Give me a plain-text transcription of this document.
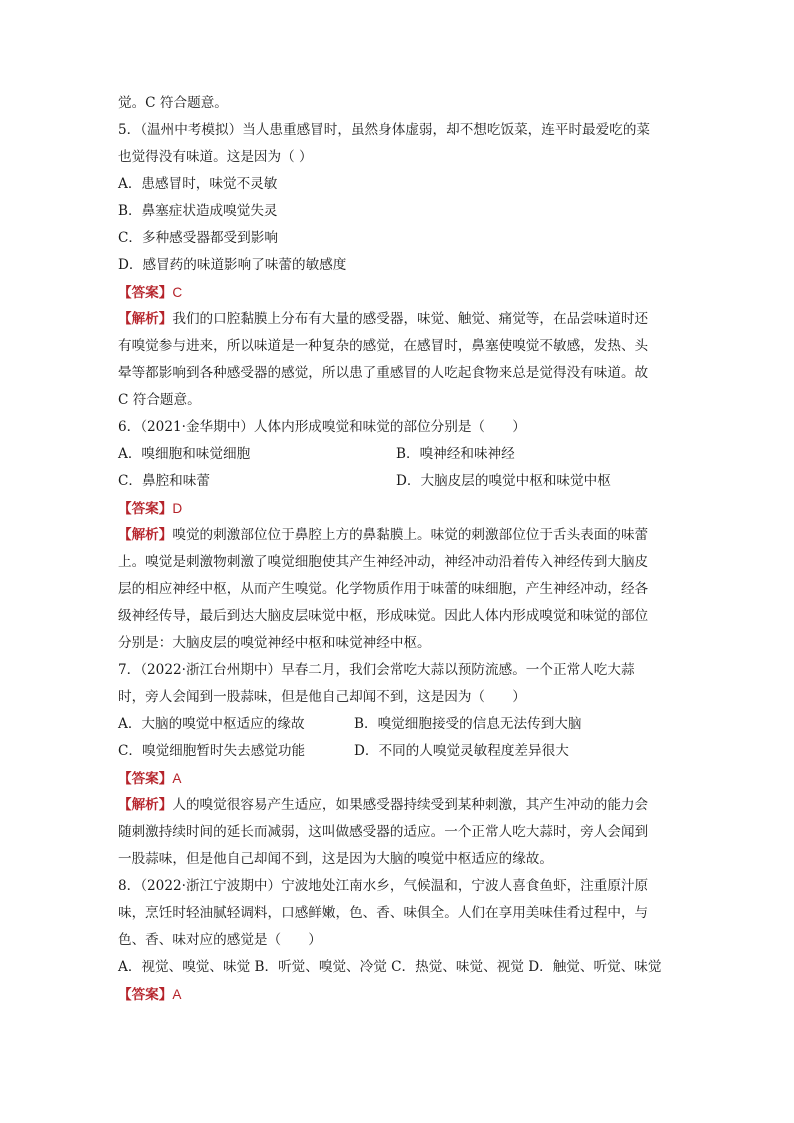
觉。C 符合题意。
5．（温州中考模拟）当人患重感冒时，虽然身体虚弱，却不想吃饭菜，连平时最爱吃的菜
也觉得没有味道。这是因为（ ）
A．患感冒时，味觉不灵敏
B．鼻塞症状造成嗅觉失灵
C．多种感受器都受到影响
D．感冒药的味道影响了味蕾的敏感度
【答案】C
【解析】我们的口腔黏膜上分布有大量的感受器，味觉、触觉、痛觉等，在品尝味道时还
有嗅觉参与进来，所以味道是一种复杂的感觉，在感冒时，鼻塞使嗅觉不敏感，发热、头
晕等都影响到各种感受器的感觉，所以患了重感冒的人吃起食物来总是觉得没有味道。故
C 符合题意。
6．（2021·金华期中）人体内形成嗅觉和味觉的部位分别是（　　）
A．嗅细胞和味觉细胞	B．嗅神经和味神经
C．鼻腔和味蕾	D．大脑皮层的嗅觉中枢和味觉中枢
【答案】D
【解析】嗅觉的刺激部位位于鼻腔上方的鼻黏膜上。味觉的刺激部位位于舌头表面的味蕾
上。嗅觉是刺激物刺激了嗅觉细胞使其产生神经冲动，神经冲动沿着传入神经传到大脑皮
层的相应神经中枢，从而产生嗅觉。化学物质作用于味蕾的味细胞，产生神经冲动，经各
级神经传导，最后到达大脑皮层味觉中枢，形成味觉。因此人体内形成嗅觉和味觉的部位
分别是：大脑皮层的嗅觉神经中枢和味觉神经中枢。
7．（2022·浙江台州期中）早春二月，我们会常吃大蒜以预防流感。一个正常人吃大蒜
时，旁人会闻到一股蒜味，但是他自己却闻不到，这是因为（　　）
A．大脑的嗅觉中枢适应的缘故	B．嗅觉细胞接受的信息无法传到大脑
C．嗅觉细胞暂时失去感觉功能	D．不同的人嗅觉灵敏程度差异很大
【答案】A
【解析】人的嗅觉很容易产生适应，如果感受器持续受到某种刺激，其产生冲动的能力会
随刺激持续时间的延长而减弱，这叫做感受器的适应。一个正常人吃大蒜时，旁人会闻到
一股蒜味，但是他自己却闻不到，这是因为大脑的嗅觉中枢适应的缘故。
8．（2022·浙江宁波期中）宁波地处江南水乡，气候温和，宁波人喜食鱼虾，注重原汁原
味，烹饪时轻油腻轻调料，口感鲜嫩，色、香、味俱全。人们在享用美味佳肴过程中，与
色、香、味对应的感觉是（　　）
A．视觉、嗅觉、味觉 B．听觉、嗅觉、冷觉 C．热觉、味觉、视觉 D．触觉、听觉、味觉
【答案】A
